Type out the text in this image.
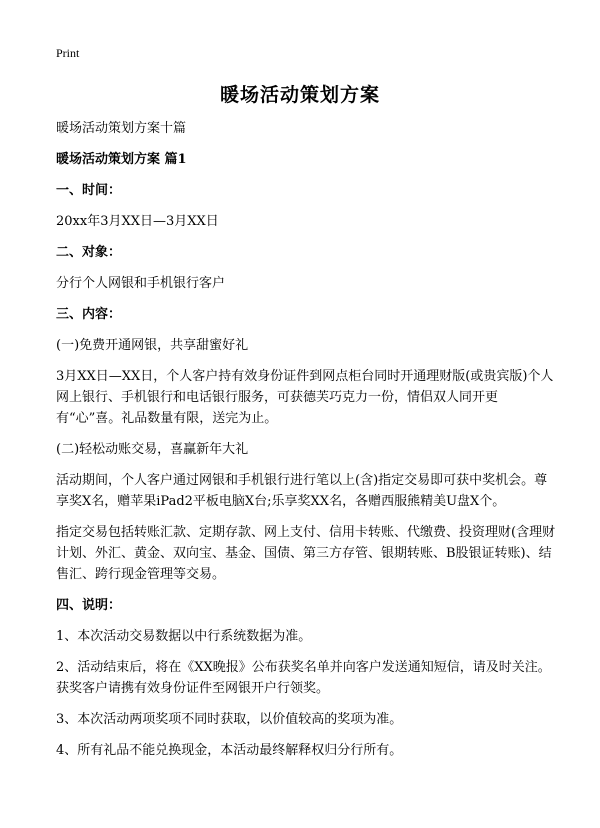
Print
暖场活动策划方案
暖场活动策划方案十篇
暖场活动策划方案 篇1
一、时间：
20xx年3月XX日—3月XX日
二、对象：
分行个人网银和手机银行客户
三、内容：
(一)免费开通网银，共享甜蜜好礼
3月XX日—XX日，个人客户持有效身份证件到网点柜台同时开通理财版(或贵宾版)个人网上银行、手机银行和电话银行服务，可获德芙巧克力一份，情侣双人同开更有“心”喜。礼品数量有限，送完为止。
(二)轻松动账交易，喜赢新年大礼
活动期间，个人客户通过网银和手机银行进行笔以上(含)指定交易即可获中奖机会。尊享奖X名，赠苹果iPad2平板电脑X台;乐享奖XX名，各赠西服熊精美U盘X个。
指定交易包括转账汇款、定期存款、网上支付、信用卡转账、代缴费、投资理财(含理财计划、外汇、黄金、双向宝、基金、国债、第三方存管、银期转账、B股银证转账)、结售汇、跨行现金管理等交易。
四、说明：
1、本次活动交易数据以中行系统数据为准。
2、活动结束后，将在《XX晚报》公布获奖名单并向客户发送通知短信，请及时关注。获奖客户请携有效身份证件至网银开户行领奖。
3、本次活动两项奖项不同时获取，以价值较高的奖项为准。
4、所有礼品不能兑换现金，本活动最终解释权归分行所有。
